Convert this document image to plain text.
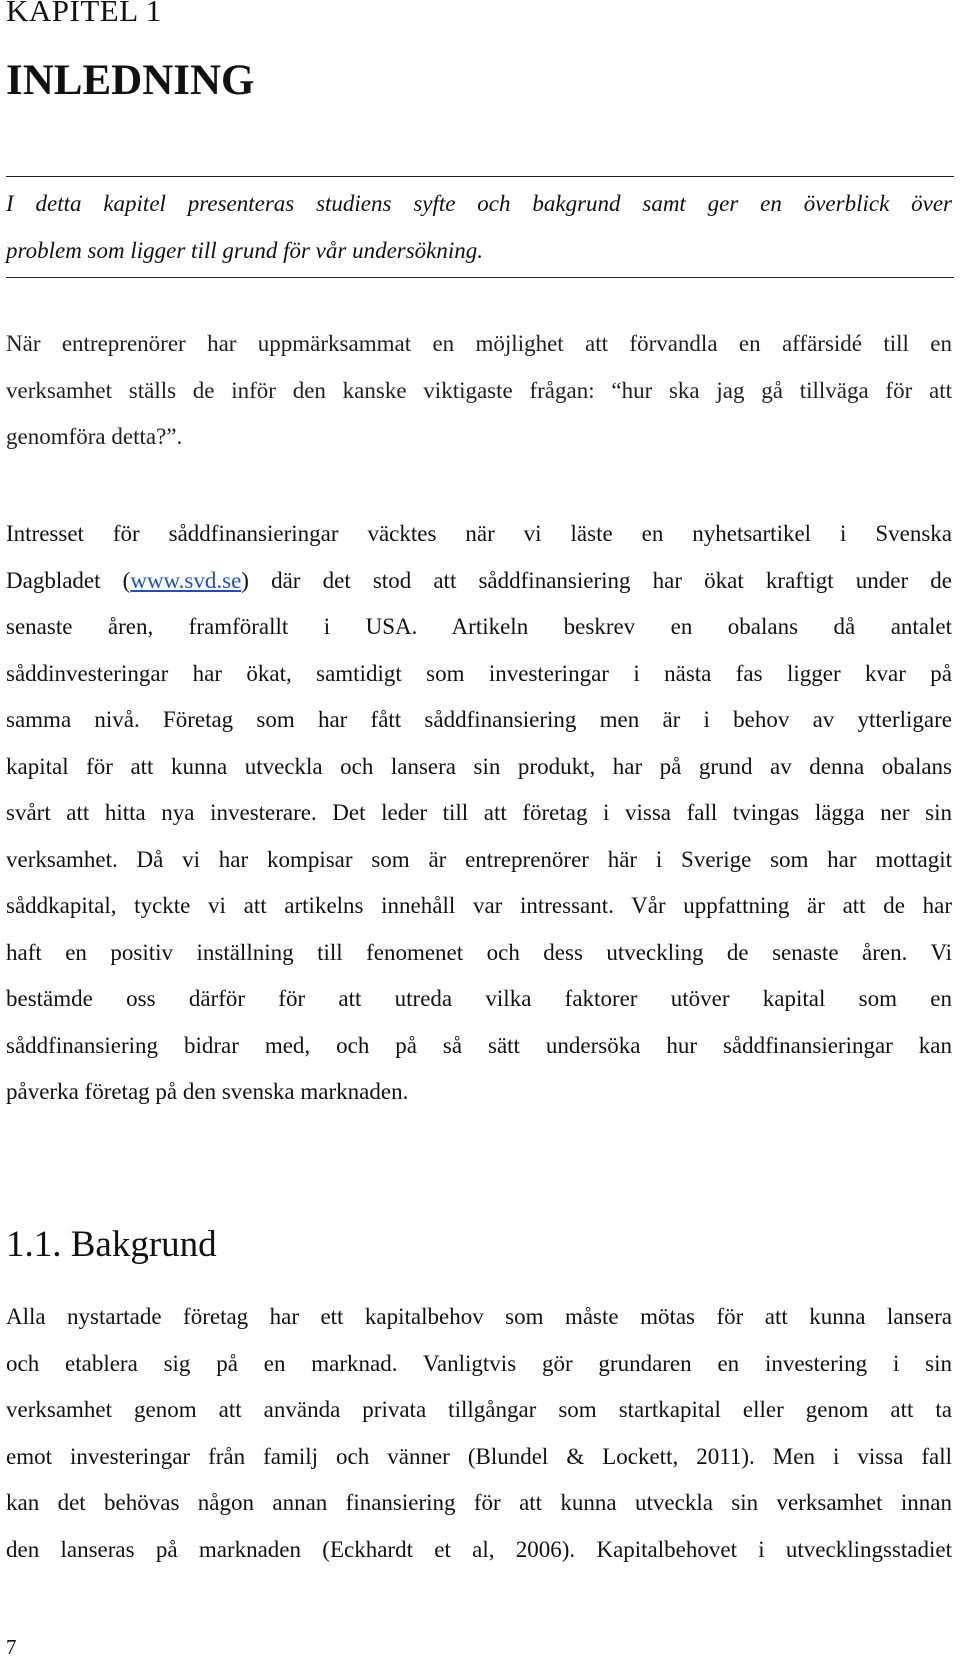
KAPITEL 1
INLEDNING
I detta kapitel presenteras studiens syfte och bakgrund samt ger en överblick över
problem som ligger till grund för vår undersökning.
När entreprenörer har uppmärksammat en möjlighet att förvandla en affärsidé till en
verksamhet ställs de inför den kanske viktigaste frågan: “hur ska jag gå tillväga för att
genomföra detta?”.
Intresset för såddfinansieringar väcktes när vi läste en nyhetsartikel i Svenska
Dagbladet (www.svd.se) där det stod att såddfinansiering har ökat kraftigt under de
senaste åren, framförallt i USA. Artikeln beskrev en obalans då antalet
såddinvesteringar har ökat, samtidigt som investeringar i nästa fas ligger kvar på
samma nivå. Företag som har fått såddfinansiering men är i behov av ytterligare
kapital för att kunna utveckla och lansera sin produkt, har på grund av denna obalans
svårt att hitta nya investerare. Det leder till att företag i vissa fall tvingas lägga ner sin
verksamhet. Då vi har kompisar som är entreprenörer här i Sverige som har mottagit
såddkapital, tyckte vi att artikelns innehåll var intressant. Vår uppfattning är att de har
haft en positiv inställning till fenomenet och dess utveckling de senaste åren. Vi
bestämde oss därför för att utreda vilka faktorer utöver kapital som en
såddfinansiering bidrar med, och på så sätt undersöka hur såddfinansieringar kan
påverka företag på den svenska marknaden.
1.1. Bakgrund
Alla nystartade företag har ett kapitalbehov som måste mötas för att kunna lansera
och etablera sig på en marknad. Vanligtvis gör grundaren en investering i sin
verksamhet genom att använda privata tillgångar som startkapital eller genom att ta
emot investeringar från familj och vänner (Blundel & Lockett, 2011). Men i vissa fall
kan det behövas någon annan finansiering för att kunna utveckla sin verksamhet innan
den lanseras på marknaden (Eckhardt et al, 2006). Kapitalbehovet i utvecklingsstadiet
7
